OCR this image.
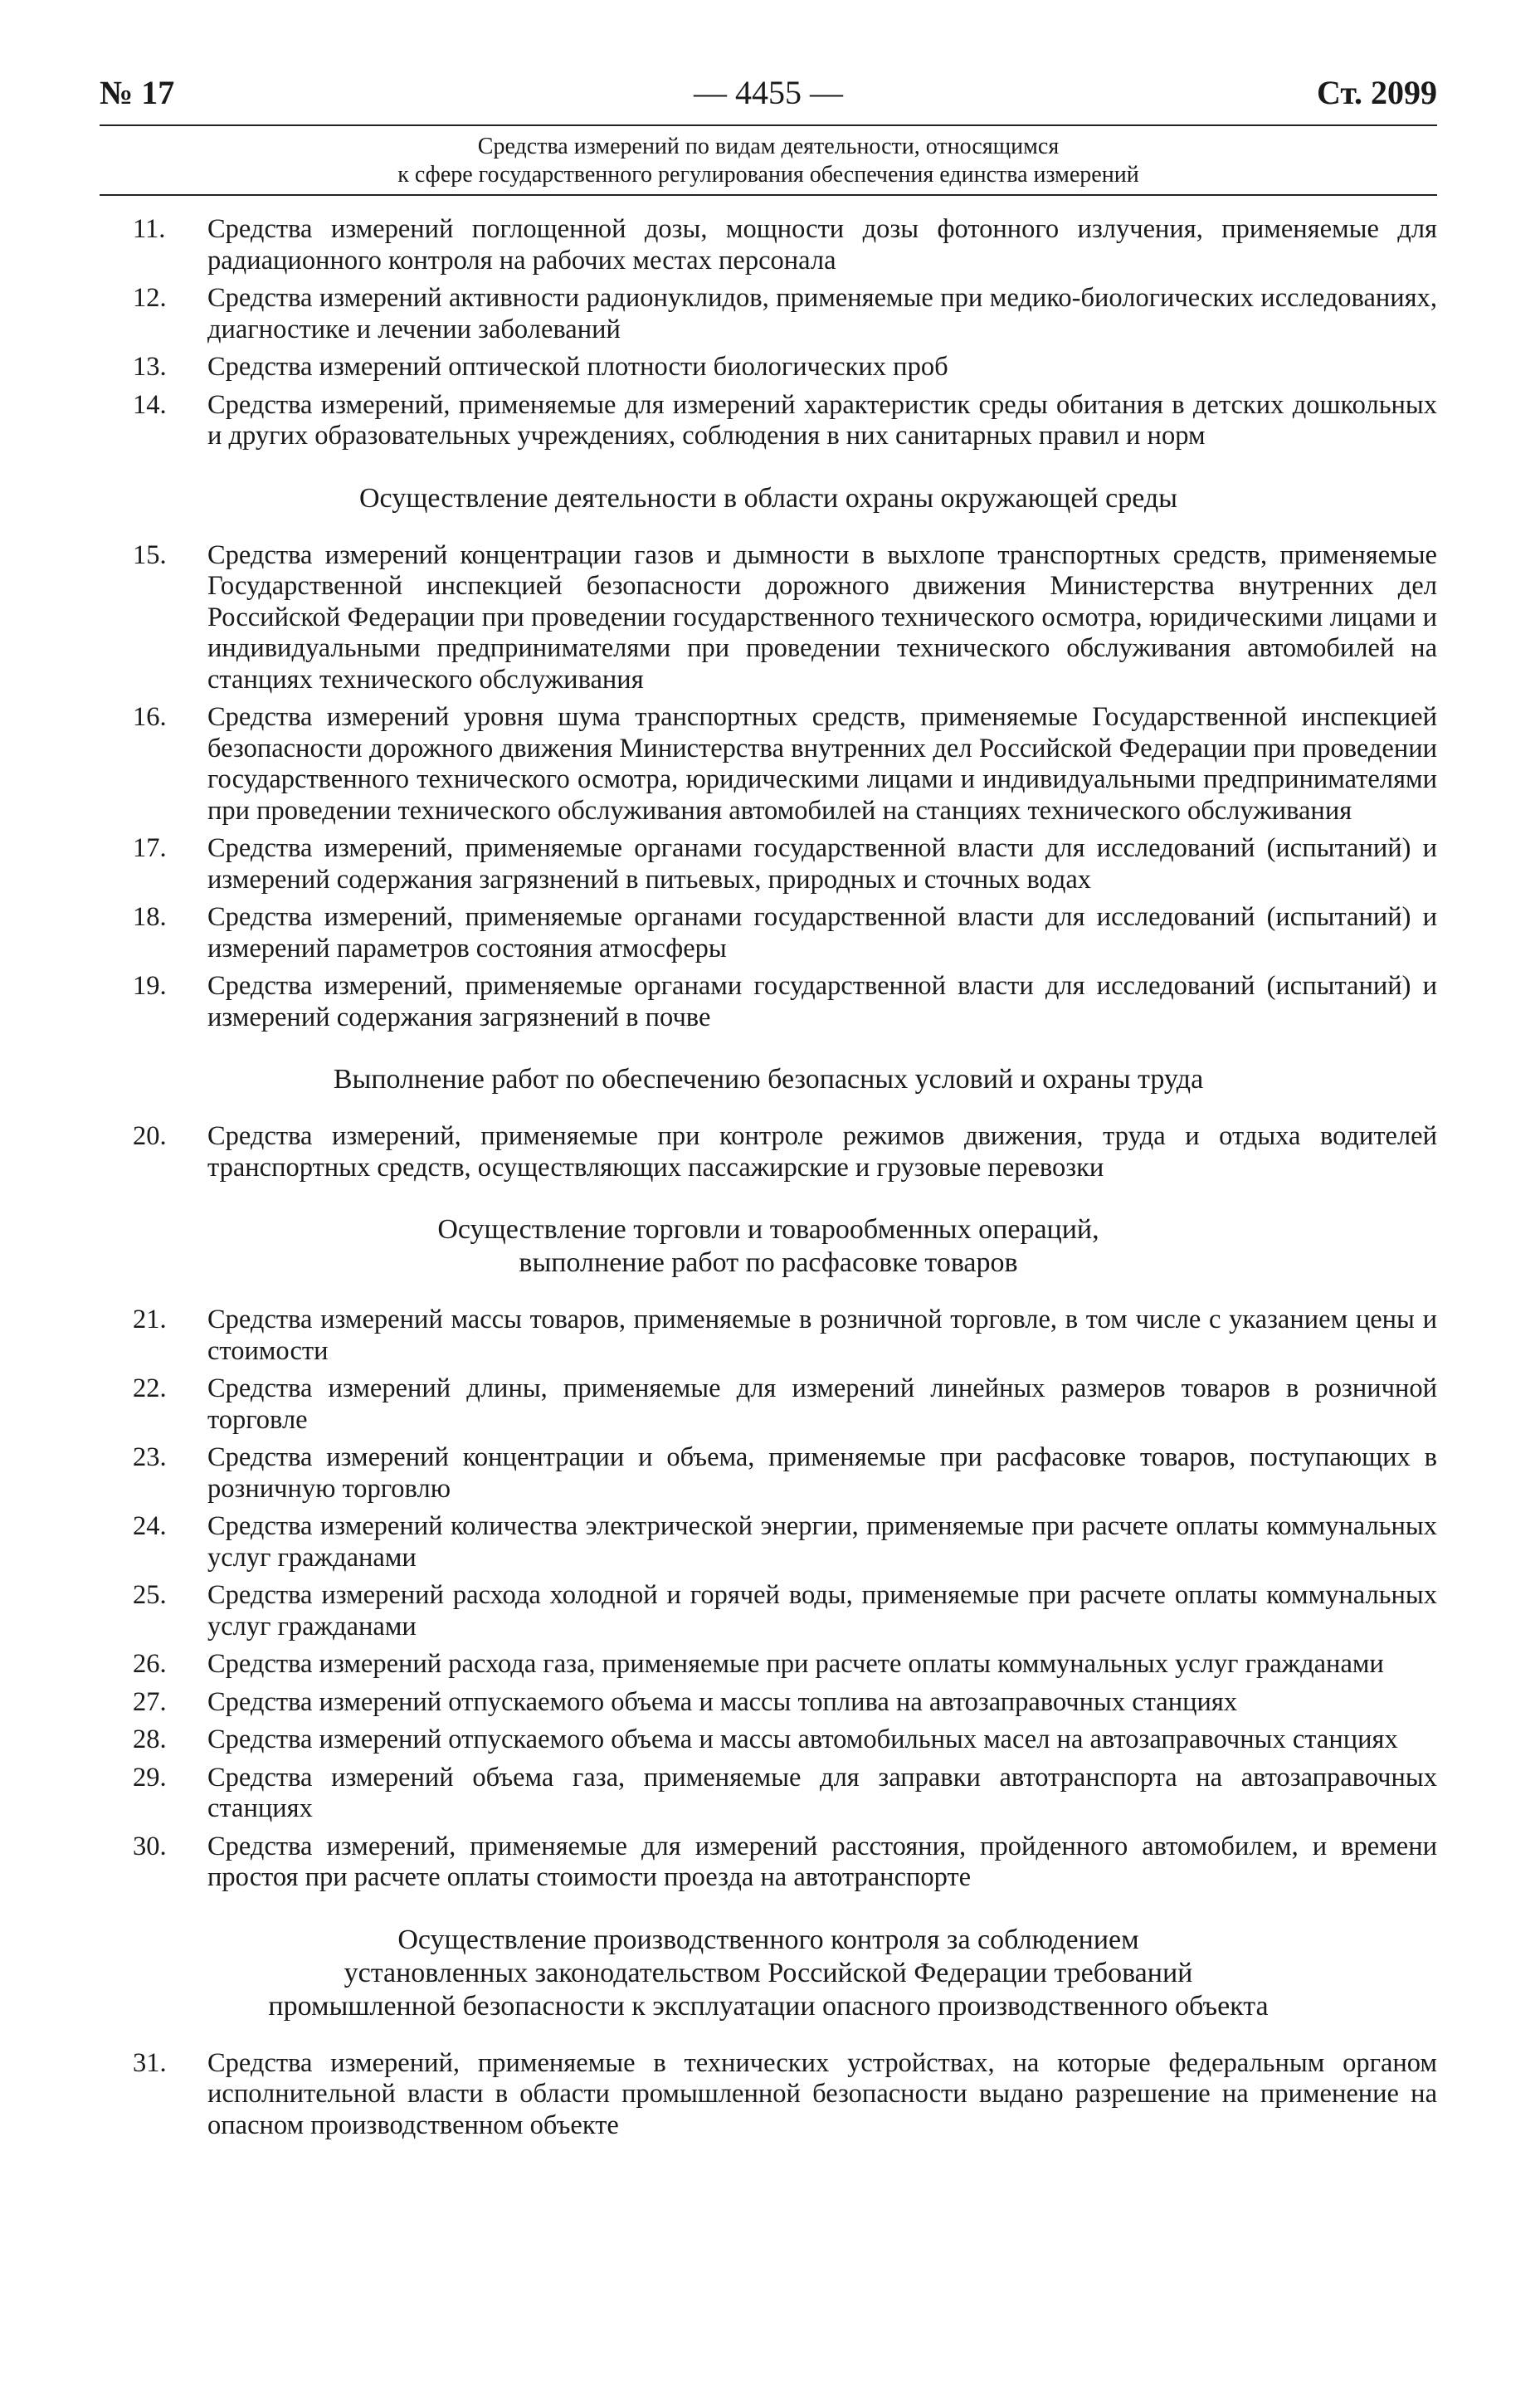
№ 17	— 4455 —	Ст. 2099
Средства измерений по видам деятельности, относящимся
к сфере государственного регулирования обеспечения единства измерений
11.	Средства измерений поглощенной дозы, мощности дозы фотонного излучения, применяемые для радиационного контроля на рабочих местах персонала
12.	Средства измерений активности радионуклидов, применяемые при медико-биологических исследованиях, диагностике и лечении заболеваний
13.	Средства измерений оптической плотности биологических проб
14.	Средства измерений, применяемые для измерений характеристик среды обитания в детских дошкольных и других образовательных учреждениях, соблюдения в них санитарных правил и норм
Осуществление деятельности в области охраны окружающей среды
15.	Средства измерений концентрации газов и дымности в выхлопе транспортных средств, применяемые Государственной инспекцией безопасности дорожного движения Министерства внутренних дел Российской Федерации при проведении государственного технического осмотра, юридическими лицами и индивидуальными предпринимателями при проведении технического обслуживания автомобилей на станциях технического обслуживания
16.	Средства измерений уровня шума транспортных средств, применяемые Государственной инспекцией безопасности дорожного движения Министерства внутренних дел Российской Федерации при проведении государственного технического осмотра, юридическими лицами и индивидуальными предпринимателями при проведении технического обслуживания автомобилей на станциях технического обслуживания
17.	Средства измерений, применяемые органами государственной власти для исследований (испытаний) и измерений содержания загрязнений в питьевых, природных и сточных водах
18.	Средства измерений, применяемые органами государственной власти для исследований (испытаний) и измерений параметров состояния атмосферы
19.	Средства измерений, применяемые органами государственной власти для исследований (испытаний) и измерений содержания загрязнений в почве
Выполнение работ по обеспечению безопасных условий и охраны труда
20.	Средства измерений, применяемые при контроле режимов движения, труда и отдыха водителей транспортных средств, осуществляющих пассажирские и грузовые перевозки
Осуществление торговли и товарообменных операций,
выполнение работ по расфасовке товаров
21.	Средства измерений массы товаров, применяемые в розничной торговле, в том числе с указанием цены и стоимости
22.	Средства измерений длины, применяемые для измерений линейных размеров товаров в розничной торговле
23.	Средства измерений концентрации и объема, применяемые при расфасовке товаров, поступающих в розничную торговлю
24.	Средства измерений количества электрической энергии, применяемые при расчете оплаты коммунальных услуг гражданами
25.	Средства измерений расхода холодной и горячей воды, применяемые при расчете оплаты коммунальных услуг гражданами
26.	Средства измерений расхода газа, применяемые при расчете оплаты коммунальных услуг гражданами
27.	Средства измерений отпускаемого объема и массы топлива на автозаправочных станциях
28.	Средства измерений отпускаемого объема и массы автомобильных масел на автозаправочных станциях
29.	Средства измерений объема газа, применяемые для заправки автотранспорта на автозаправочных станциях
30.	Средства измерений, применяемые для измерений расстояния, пройденного автомобилем, и времени простоя при расчете оплаты стоимости проезда на автотранспорте
Осуществление производственного контроля за соблюдением
установленных законодательством Российской Федерации требований
промышленной безопасности к эксплуатации опасного производственного объекта
31.	Средства измерений, применяемые в технических устройствах, на которые федеральным органом исполнительной власти в области промышленной безопасности выдано разрешение на применение на опасном производственном объекте
